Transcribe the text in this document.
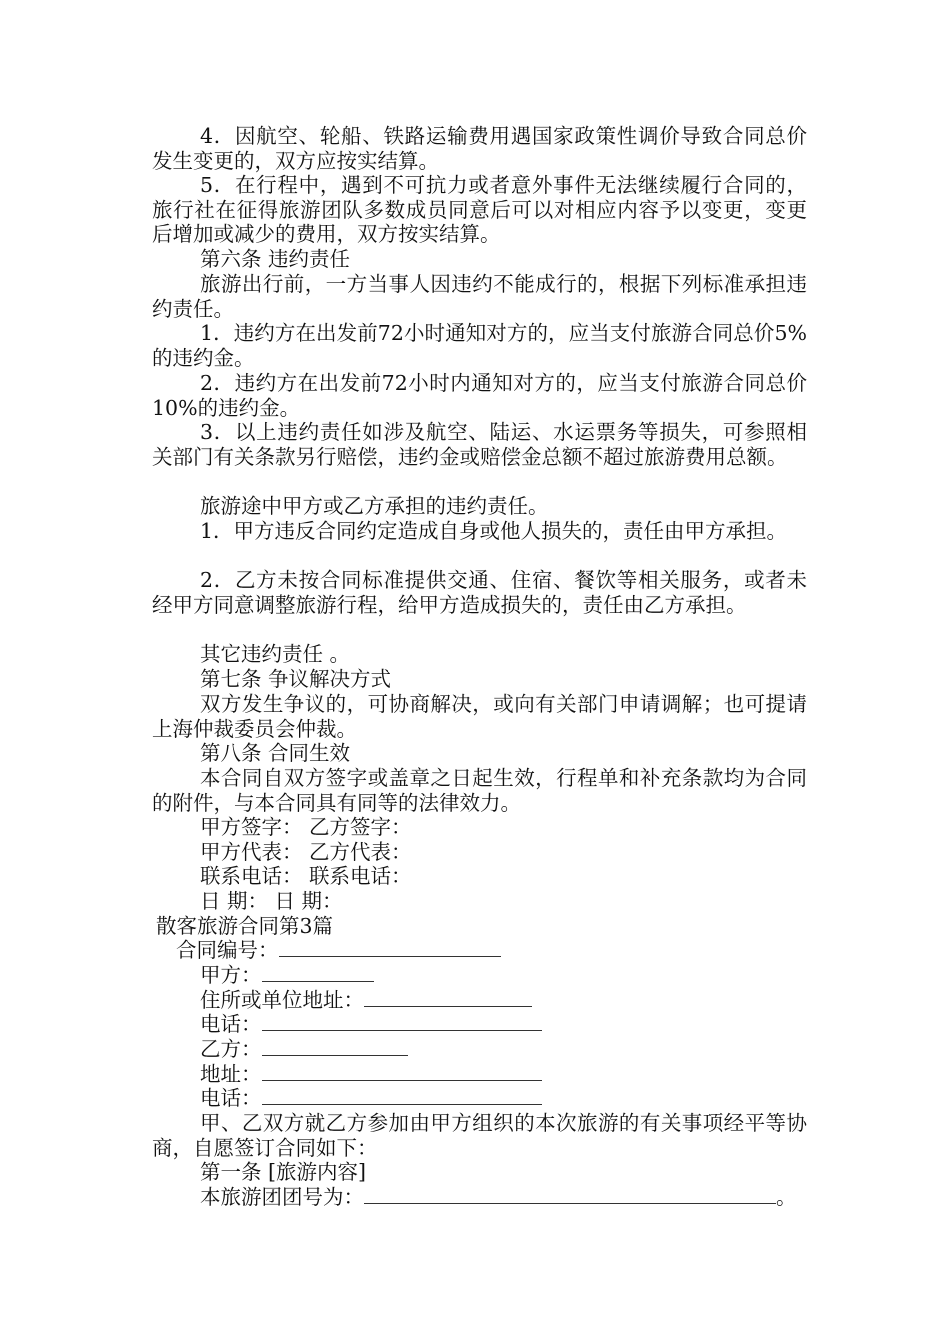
4．因航空、轮船、铁路运输费用遇国家政策性调价导致合同总价发生变更的，双方应按实结算。

5．在行程中，遇到不可抗力或者意外事件无法继续履行合同的，旅行社在征得旅游团队多数成员同意后可以对相应内容予以变更，变更后增加或减少的费用，双方按实结算。

第六条 违约责任

旅游出行前，一方当事人因违约不能成行的，根据下列标准承担违约责任。

1．违约方在出发前72小时通知对方的，应当支付旅游合同总价5%的违约金。

2．违约方在出发前72小时内通知对方的，应当支付旅游合同总价10%的违约金。

3．以上违约责任如涉及航空、陆运、水运票务等损失，可参照相关部门有关条款另行赔偿，违约金或赔偿金总额不超过旅游费用总额。

旅游途中甲方或乙方承担的违约责任。

1．甲方违反合同约定造成自身或他人损失的，责任由甲方承担。

2．乙方未按合同标准提供交通、住宿、餐饮等相关服务，或者未经甲方同意调整旅游行程，给甲方造成损失的，责任由乙方承担。

其它违约责任 。

第七条 争议解决方式

双方发生争议的，可协商解决，或向有关部门申请调解；也可提请上海仲裁委员会仲裁。

第八条 合同生效

本合同自双方签字或盖章之日起生效，行程单和补充条款均为合同的附件，与本合同具有同等的法律效力。

甲方签字： 乙方签字：

甲方代表： 乙方代表：

联系电话： 联系电话：

日 期： 日 期：

散客旅游合同第3篇

合同编号：

甲方：

住所或单位地址：

电话：

乙方：

地址：

电话：

甲、乙双方就乙方参加由甲方组织的本次旅游的有关事项经平等协商，自愿签订合同如下：

第一条 [旅游内容]

本旅游团团号为：	。
